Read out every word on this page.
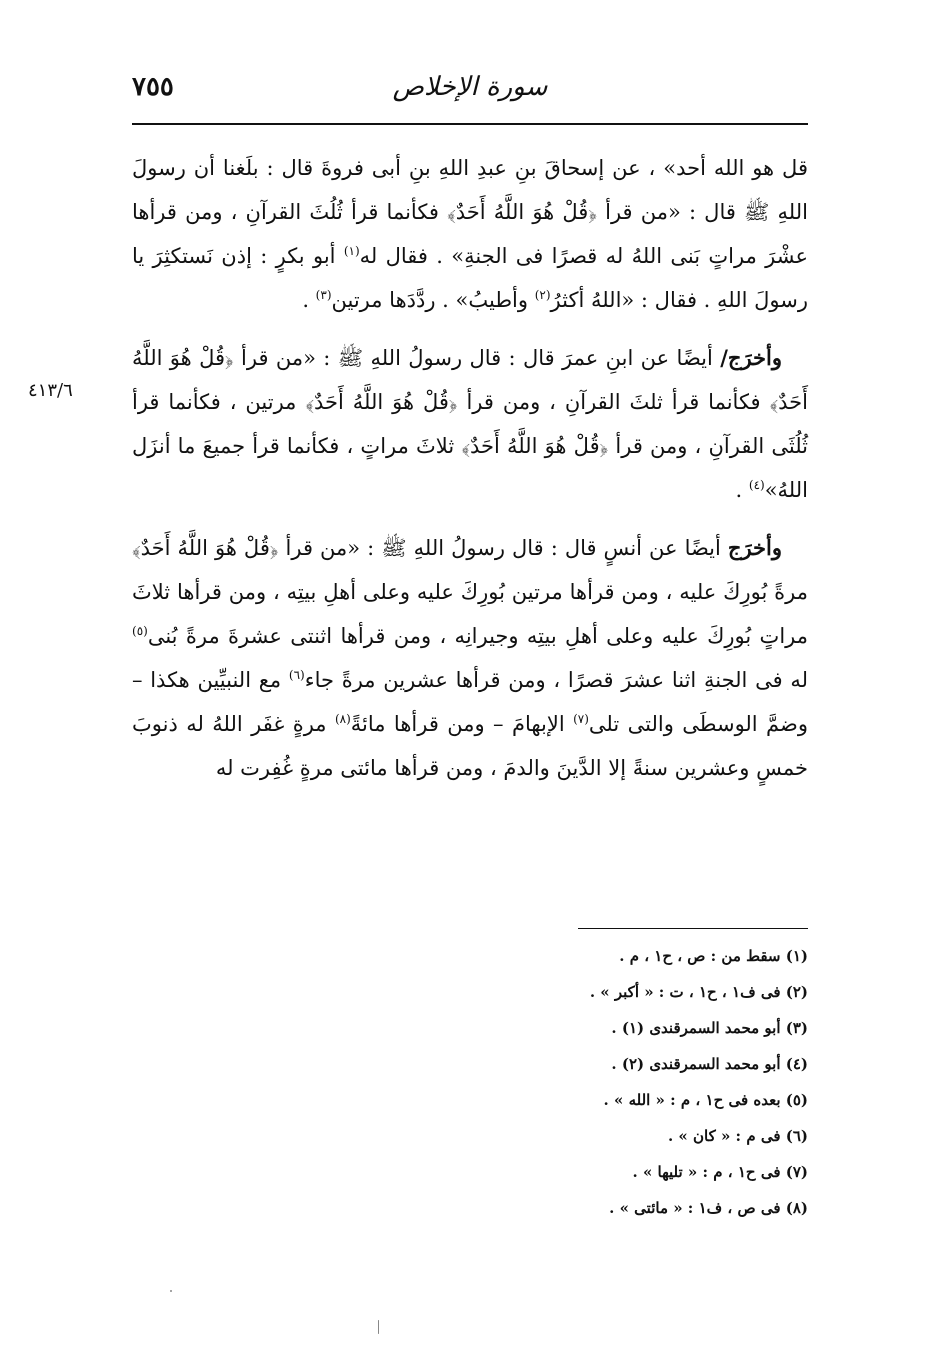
٧٥٥	سورة الإخلاص
٤١٣/٦

قل هو الله أحد» ، عن إسحاقَ بنِ عبدِ اللهِ بنِ أبى فروةَ قال : بلَغنا أن رسولَ اللهِ ﷺ قال : «من قرأ ﴿قُلْ هُوَ اللَّهُ أَحَدٌ﴾ فكأنما قرأ ثُلُثَ القرآنِ ، ومن قرأها عشْرَ مراتٍ بَنى اللهُ له قصرًا فى الجنةِ» . فقال له$^{(١)}$ أبو بكرٍ : إذن نَستكثِرَ يا رسولَ اللهِ . فقال : «اللهُ أكثرُ$^{(٢)}$ وأطيبُ» . ردَّدَها مرتين$^{(٣)}$ .

وأخرَج/ أيضًا عن ابنِ عمرَ قال : قال رسولُ اللهِ ﷺ : «من قرأ ﴿قُلْ هُوَ اللَّهُ أَحَدٌ﴾ فكأنما قرأ ثلثَ القرآنِ ، ومن قرأ ﴿قُلْ هُوَ اللَّهُ أَحَدٌ﴾ مرتين ، فكأنما قرأ ثُلُثَى القرآنِ ، ومن قرأ ﴿قُلْ هُوَ اللَّهُ أَحَدٌ﴾ ثلاثَ مراتٍ ، فكأنما قرأ جميعَ ما أنزَل اللهُ»$^{(٤)}$ .

وأخرَج أيضًا عن أنسٍ قال : قال رسولُ اللهِ ﷺ : «من قرأ ﴿قُلْ هُوَ اللَّهُ أَحَدٌ﴾ مرةً بُورِكَ عليه ، ومن قرأها مرتين بُورِكَ عليه وعلى أهلِ بيتِه ، ومن قرأها ثلاثَ مراتٍ بُورِكَ عليه وعلى أهلِ بيتِه وجيرانِه ، ومن قرأها اثنتى عشرةَ مرةً بُنى$^{(٥)}$ له فى الجنةِ اثنا عشرَ قصرًا ، ومن قرأها عشرين مرةً جاء$^{(٦)}$ مع النبيِّين هكذا – وضمَّ الوسطَى والتى تلى$^{(٧)}$ الإبهامَ – ومن قرأها مائةً$^{(٨)}$ مرةٍ غفَر اللهُ له ذنوبَ خمسٍ وعشرين سنةً إلا الدَّينَ والدمَ ، ومن قرأها مائتى مرةٍ غُفِرت له

(١) سقط من : ص ، ح١ ، م .

(٢) فى ف١ ، ح١ ، ت : « أكبر » .

(٣) أبو محمد السمرقندى (١) .

(٤) أبو محمد السمرقندى (٢) .

(٥) بعده فى ح١ ، م : « الله » .

(٦) فى م : « كان » .

(٧) فى ح١ ، م : « تليها » .

(٨) فى ص ، ف١ : « مائتى » .
